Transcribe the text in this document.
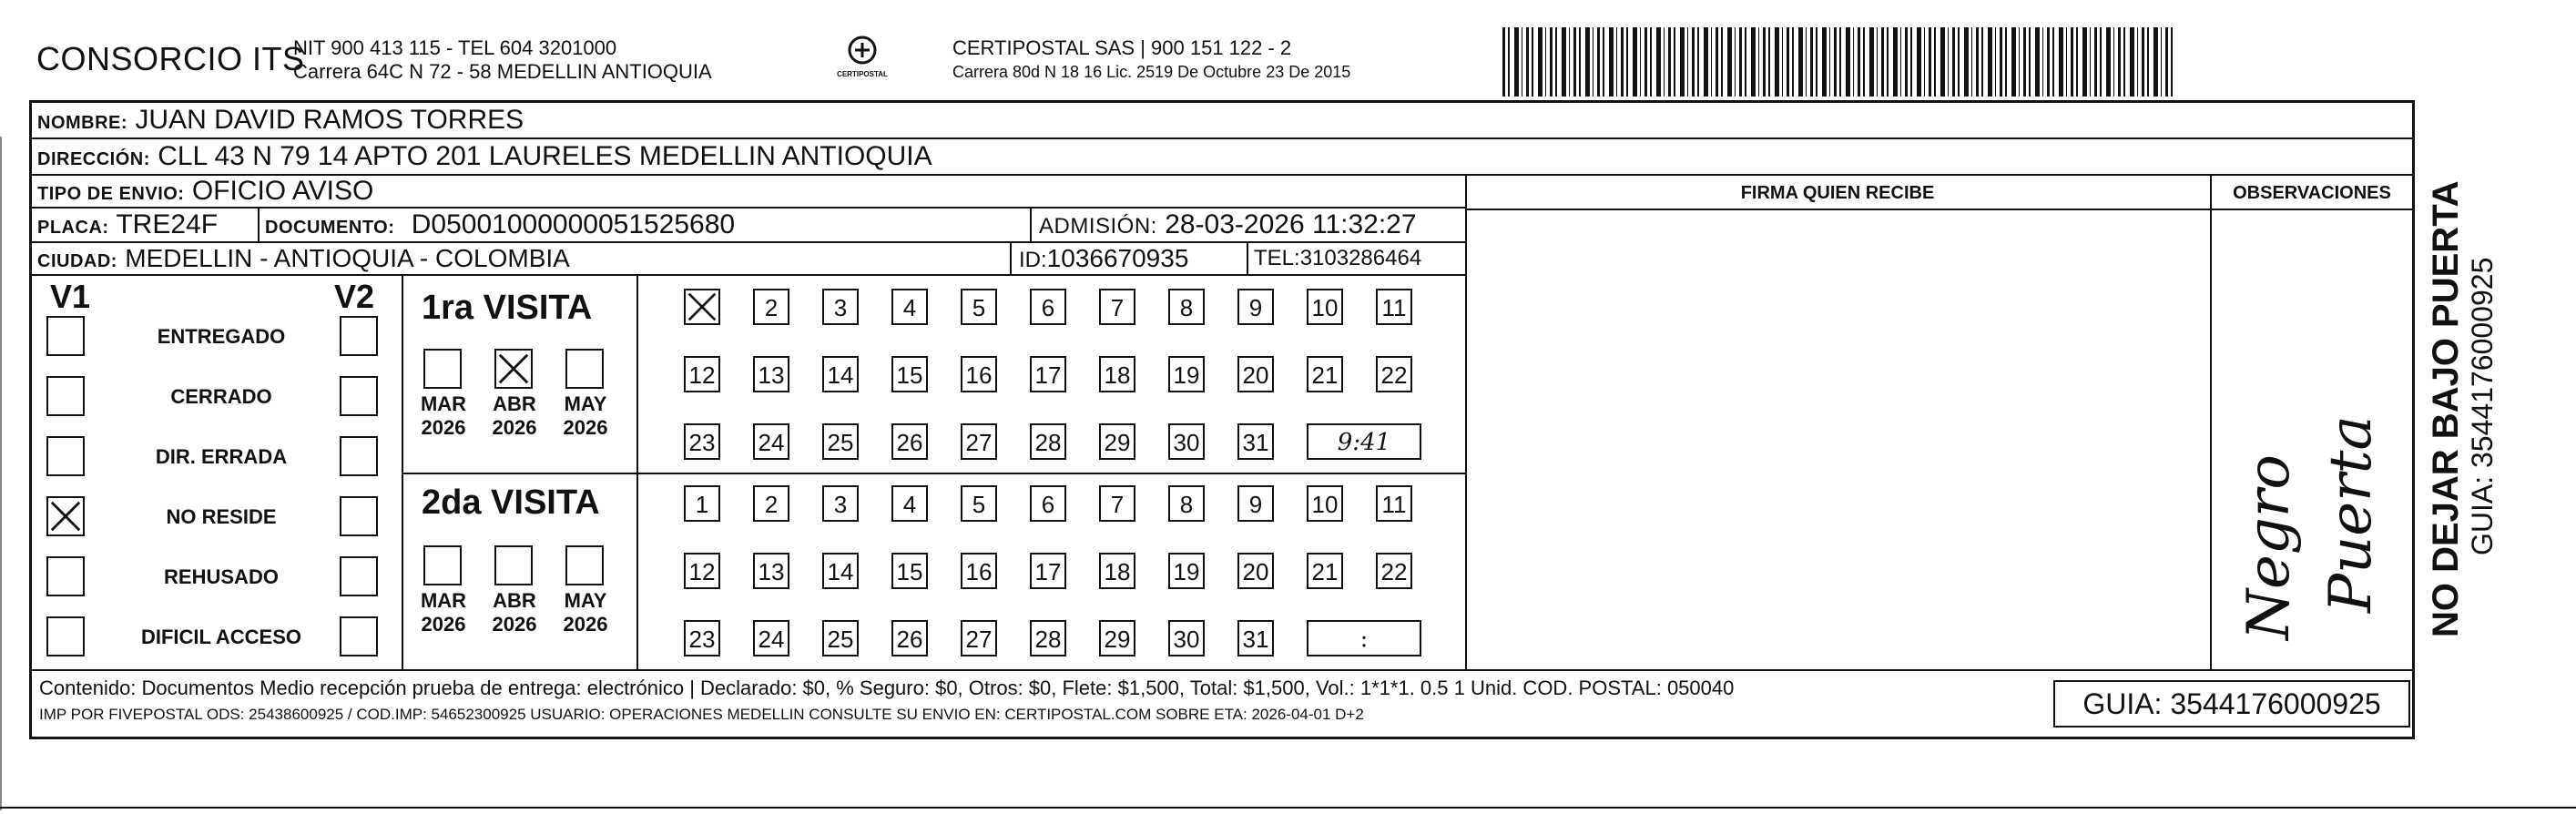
CONSORCIO ITS
NIT 900 413 115 - TEL 604 3201000
Carrera 64C N 72 - 58 MEDELLIN ANTIOQUIA	CERTIPOSTAL
CERTIPOSTAL SAS | 900 151 122 - 2
Carrera 80d N 18 16 Lic. 2519 De Octubre 23 De 2015
NOMBRE: JUAN DAVID RAMOS TORRES
DIRECCIÓN: CLL 43 N 79 14 APTO 201 LAURELES MEDELLIN ANTIOQUIA
TIPO DE ENVIO: OFICIO AVISO
PLACA: TRE24F	DOCUMENTO: D05001000000051525680	ADMISIÓN: 28-03-2026 11:32:27
CIUDAD: MEDELLIN - ANTIOQUIA - COLOMBIA	ID:1036670935	TEL:3103286464
FIRMA QUIEN RECIBE	OBSERVACIONES
Negro Puerta
V1	V2
ENTREGADO
CERRADO
DIR. ERRADA
NO RESIDE
REHUSADO
DIFICIL ACCESO
1ra VISITA
2da VISITA
MAR
2026
ABR
2026
MAY
2026
2	3	4	5	6	7	8	9	10 11
12 13 14 15 16 17 18 19 20 21 22
23 24 25 26 27 28 29 30 31	9:41
MAR
2026
ABR
2026
MAY
2026
1	2	3	4	5	6	7	8	9	10 11
12 13 14 15 16 17 18 19 20 21 22
23 24 25 26 27 28 29 30 31	:
Contenido: Documentos Medio recepción prueba de entrega: electrónico | Declarado: $0, % Seguro: $0, Otros: $0, Flete: $1,500, Total: $1,500, Vol.: 1*1*1. 0.5 1 Unid. COD. POSTAL: 050040
IMP POR FIVEPOSTAL ODS: 25438600925 / COD.IMP: 54652300925 USUARIO: OPERACIONES MEDELLIN CONSULTE SU ENVIO EN: CERTIPOSTAL.COM SOBRE ETA: 2026-04-01 D+2	GUIA: 3544176000925
NO DEJAR BAJO PUERTA GUIA: 3544176000925
